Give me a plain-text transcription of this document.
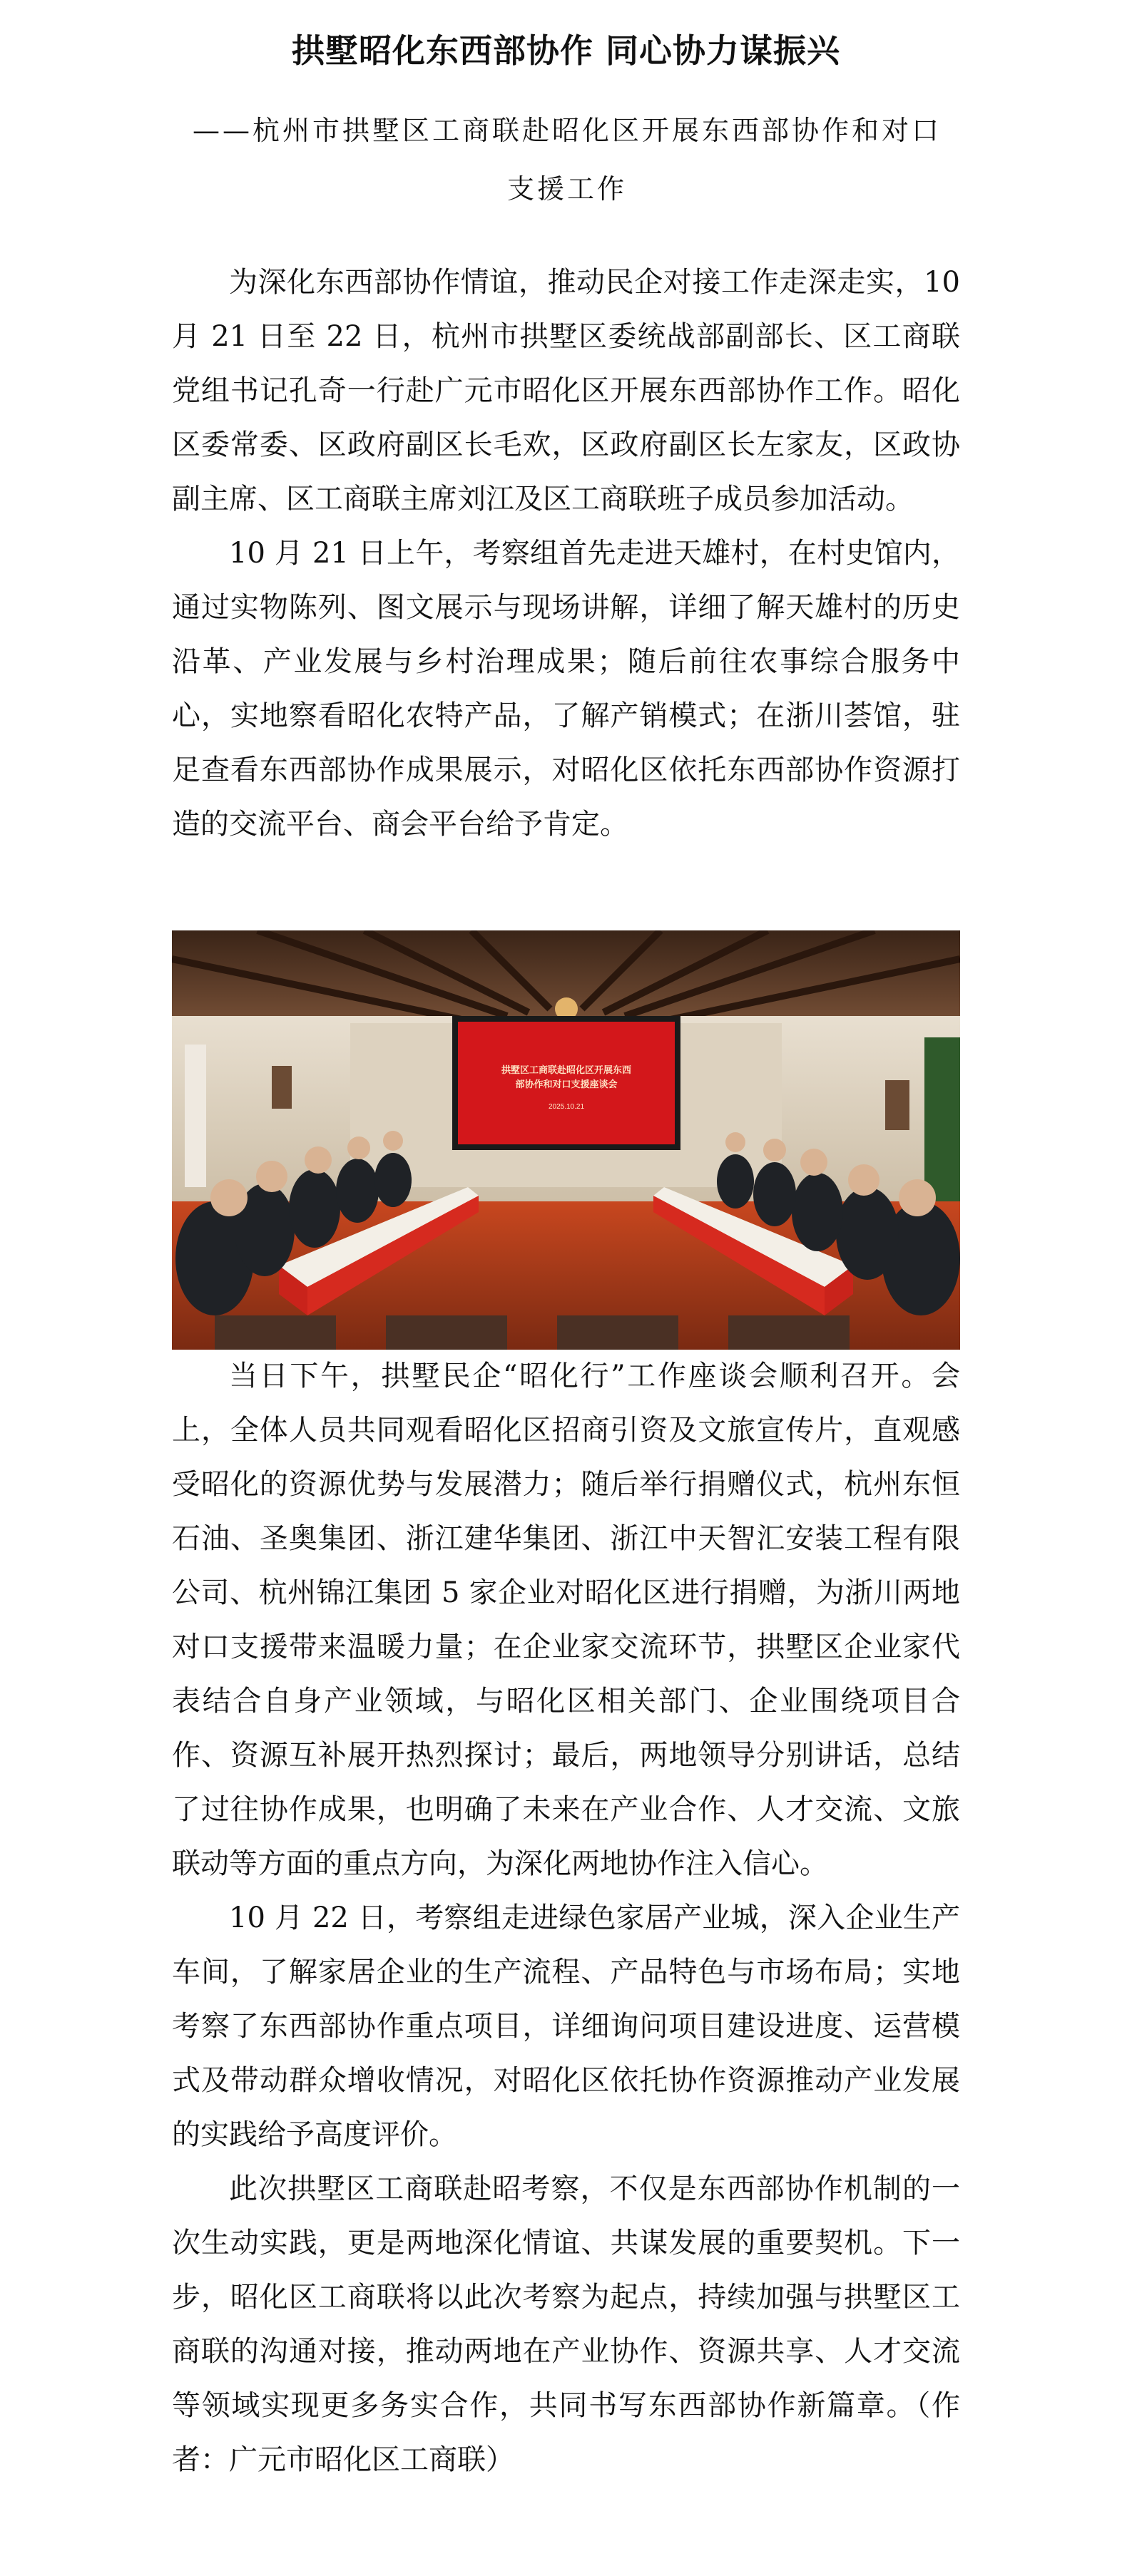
拱墅昭化东西部协作 同心协力谋振兴
——杭州市拱墅区工商联赴昭化区开展东西部协作和对口支援工作

为深化东西部协作情谊，推动民企对接工作走深走实，10 月 21 日至 22 日，杭州市拱墅区委统战部副部长、区工商联党组书记孔奇一行赴广元市昭化区开展东西部协作工作。昭化区委常委、区政府副区长毛欢，区政府副区长左家友，区政协副主席、区工商联主席刘江及区工商联班子成员参加活动。

10 月 21 日上午，考察组首先走进天雄村，在村史馆内，通过实物陈列、图文展示与现场讲解，详细了解天雄村的历史沿革、产业发展与乡村治理成果；随后前往农事综合服务中心，实地察看昭化农特产品，了解产销模式；在浙川荟馆，驻足查看东西部协作成果展示，对昭化区依托东西部协作资源打造的交流平台、商会平台给予肯定。

拱墅区工商联赴昭化区开展东西
部协作和对口支援座谈会
2025.10.21

当日下午，拱墅民企“昭化行”工作座谈会顺利召开。会上，全体人员共同观看昭化区招商引资及文旅宣传片，直观感受昭化的资源优势与发展潜力；随后举行捐赠仪式，杭州东恒石油、圣奥集团、浙江建华集团、浙江中天智汇安装工程有限公司、杭州锦江集团 5 家企业对昭化区进行捐赠，为浙川两地对口支援带来温暖力量；在企业家交流环节，拱墅区企业家代表结合自身产业领域，与昭化区相关部门、企业围绕项目合作、资源互补展开热烈探讨；最后，两地领导分别讲话，总结了过往协作成果，也明确了未来在产业合作、人才交流、文旅联动等方面的重点方向，为深化两地协作注入信心。

10 月 22 日，考察组走进绿色家居产业城，深入企业生产车间，了解家居企业的生产流程、产品特色与市场布局；实地考察了东西部协作重点项目，详细询问项目建设进度、运营模式及带动群众增收情况，对昭化区依托协作资源推动产业发展的实践给予高度评价。

此次拱墅区工商联赴昭考察，不仅是东西部协作机制的一次生动实践，更是两地深化情谊、共谋发展的重要契机。下一步，昭化区工商联将以此次考察为起点，持续加强与拱墅区工商联的沟通对接，推动两地在产业协作、资源共享、人才交流等领域实现更多务实合作，共同书写东西部协作新篇章。（作者：广元市昭化区工商联）
